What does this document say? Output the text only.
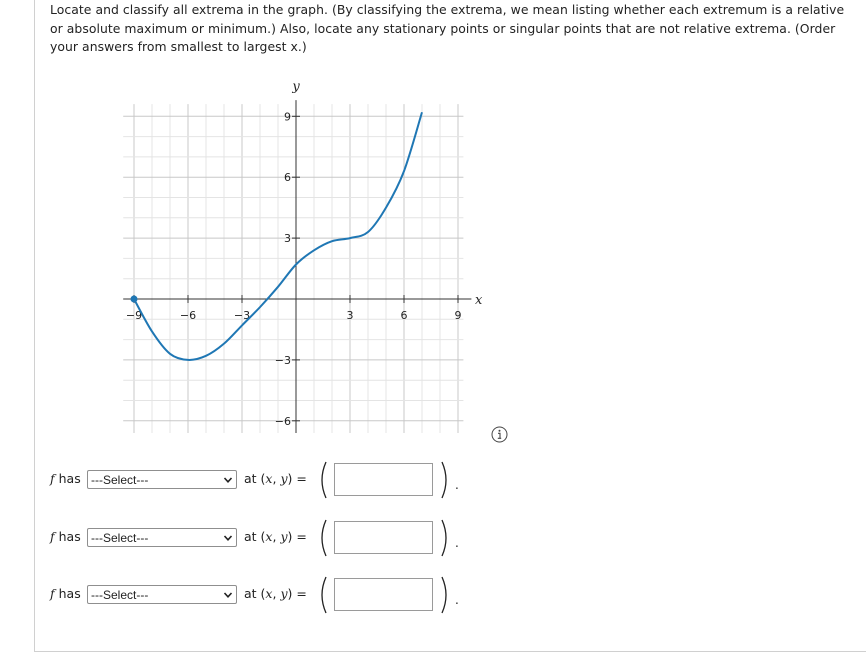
Locate and classify all extrema in the graph. (By classifying the extrema, we mean listing whether each extremum is a relative or absolute maximum or minimum.) Also, locate any stationary points or singular points that are not relative extrema. (Order your answers from smallest to largest x.)

−9	−6	−3	3	6	9
9
6
3
−3
−6
x
y
f has ---Select---	at (x, y) =	.
f has ---Select---	at (x, y) =	.
f has ---Select---	at (x, y) =	.
